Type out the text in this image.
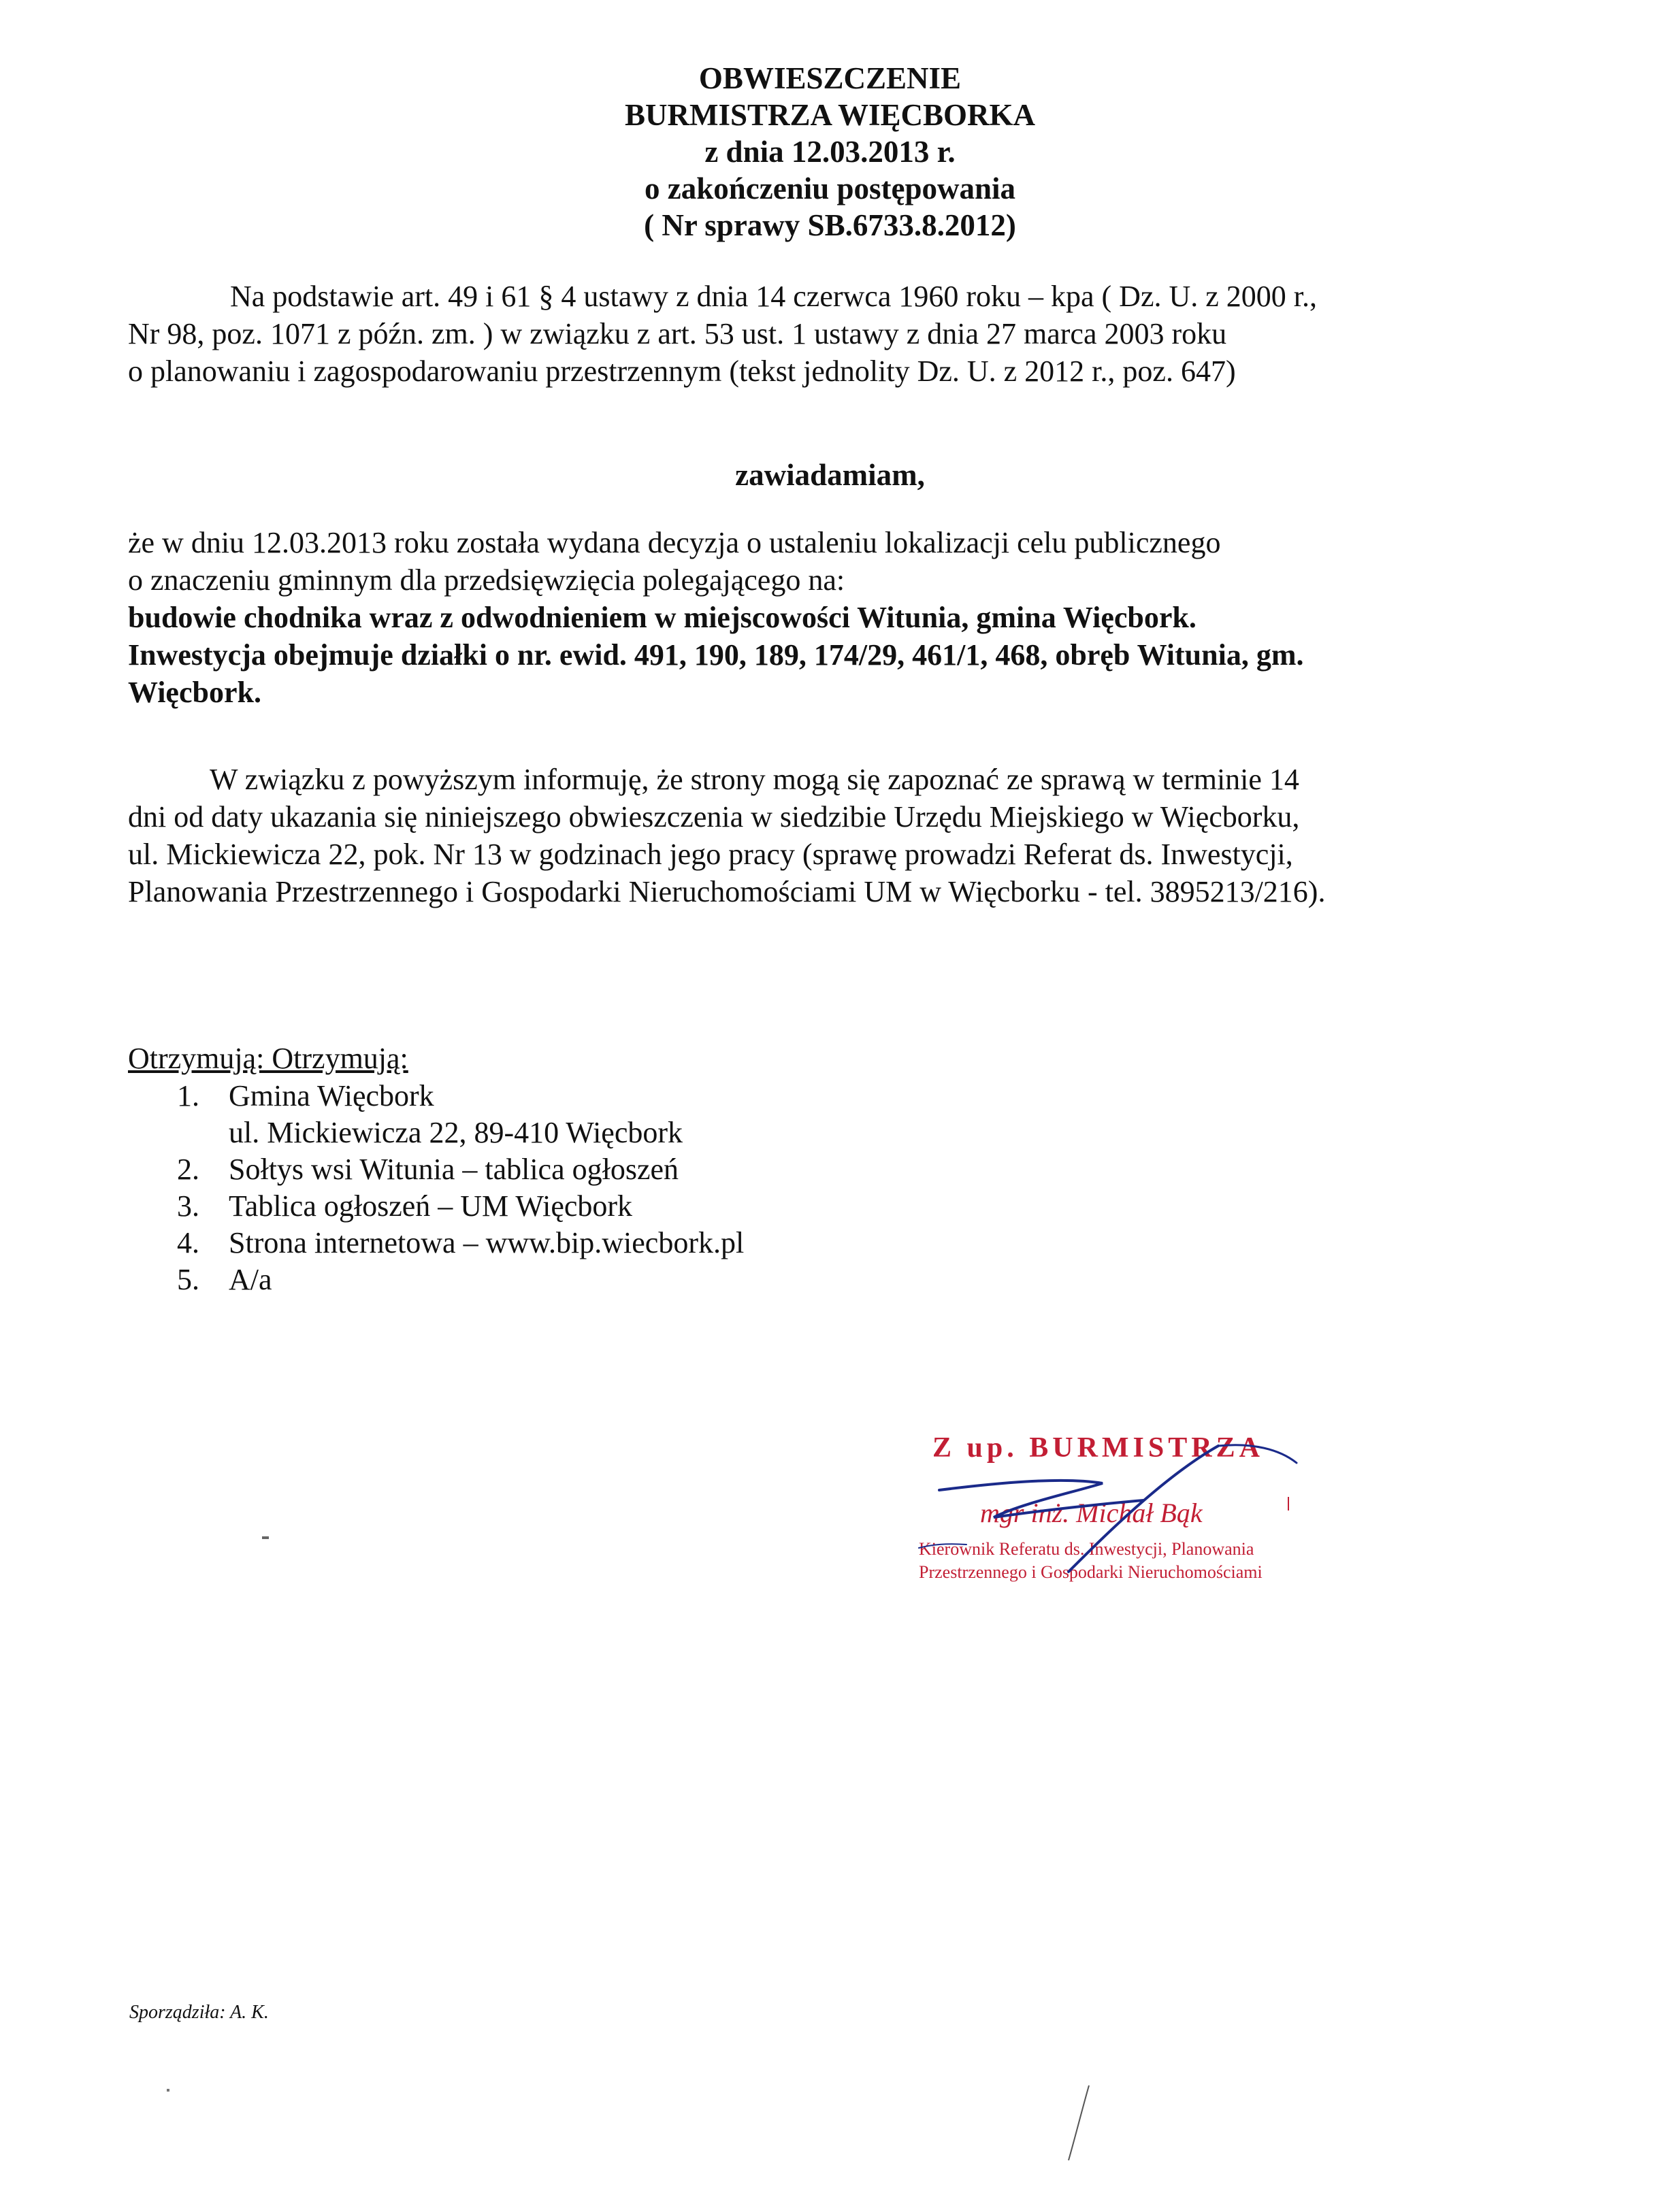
OBWIESZCZENIE
BURMISTRZA WIĘCBORKA
z dnia 12.03.2013 r.
o zakończeniu postępowania
( Nr sprawy SB.6733.8.2012)
Na podstawie art. 49 i 61 § 4 ustawy z dnia 14 czerwca 1960 roku – kpa ( Dz. U. z 2000 r.,
Nr 98, poz. 1071 z późn. zm. ) w związku z art. 53 ust. 1 ustawy z dnia 27 marca 2003 roku
o planowaniu i zagospodarowaniu przestrzennym (tekst jednolity Dz. U. z 2012 r., poz. 647)
zawiadamiam,
że w dniu 12.03.2013 roku została wydana decyzja o ustaleniu lokalizacji celu publicznego
o znaczeniu gminnym dla przedsięwzięcia polegającego na:
budowie chodnika wraz z odwodnieniem w miejscowości Witunia, gmina Więcbork.
Inwestycja obejmuje działki o nr. ewid. 491, 190, 189, 174/29, 461/1, 468, obręb Witunia, gm.
Więcbork.
W związku z powyższym informuję, że strony mogą się zapoznać ze sprawą w terminie 14
dni od daty ukazania się niniejszego obwieszczenia w siedzibie Urzędu Miejskiego w Więcborku,
ul. Mickiewicza 22, pok. Nr 13 w godzinach jego pracy (sprawę prowadzi Referat ds. Inwestycji,
Planowania Przestrzennego i Gospodarki Nieruchomościami UM w Więcborku - tel. 3895213/216).
Otrzymują: Otrzymują:
1. Gmina Więcbork
ul. Mickiewicza 22, 89-410 Więcbork
2. Sołtys wsi Witunia – tablica ogłoszeń
3. Tablica ogłoszeń – UM Więcbork
4. Strona internetowa – www.bip.wiecbork.pl
5. A/a
Z up. BURMISTRZA
mgr inż. Michał Bąk
Kierownik Referatu ds. Inwestycji, Planowania
Przestrzennego i Gospodarki Nieruchomościami
Sporządziła: A. K.
